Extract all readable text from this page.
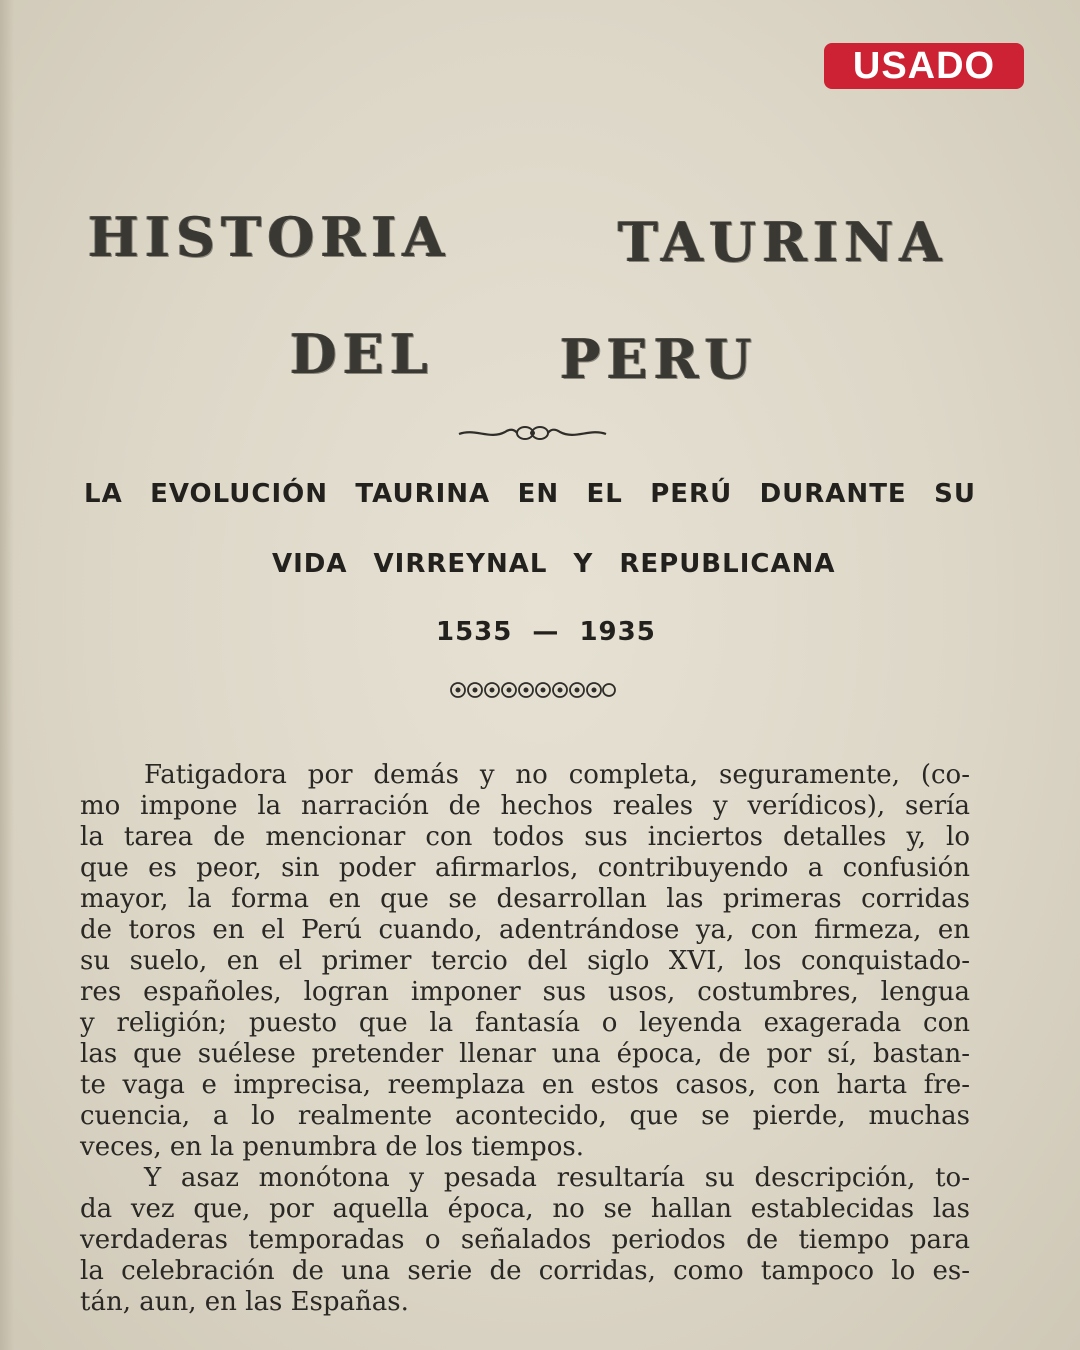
USADO
HISTORIA	TAURINA
DEL PERU
LA EVOLUCIÓN TAURINA EN EL PERÚ DURANTE SU
VIDA VIRREYNAL Y REPUBLICANA
1535 — 1935
Fatigadora por demás y no completa, seguramente, (co-
mo impone la narración de hechos reales y verídicos), sería
la tarea de mencionar con todos sus inciertos detalles y, lo
que es peor, sin poder afirmarlos, contribuyendo a confusión
mayor, la forma en que se desarrollan las primeras corridas
de toros en el Perú cuando, adentrándose ya, con firmeza, en
su suelo, en el primer tercio del siglo XVI, los conquistado-
res españoles, logran imponer sus usos, costumbres, lengua
y religión; puesto que la fantasía o leyenda exagerada con
las que suélese pretender llenar una época, de por sí, bastan-
te vaga e imprecisa, reemplaza en estos casos, con harta fre-
cuencia, a lo realmente acontecido, que se pierde, muchas
veces, en la penumbra de los tiempos.
Y asaz monótona y pesada resultaría su descripción, to-
da vez que, por aquella época, no se hallan establecidas las
verdaderas temporadas o señalados periodos de tiempo para
la celebración de una serie de corridas, como tampoco lo es-
tán, aun, en las Españas.
